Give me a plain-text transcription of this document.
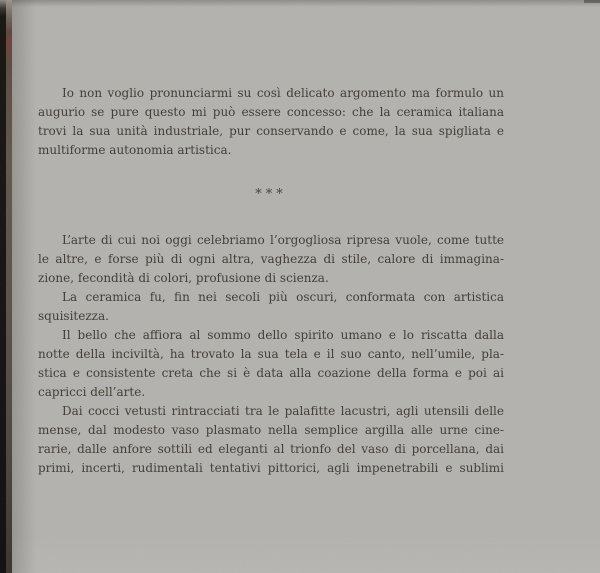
Io non voglio pronunciarmi su così delicato argomento ma formulo un
augurio se pure questo mi può essere concesso: che la ceramica italiana
trovi la sua unità industriale, pur conservando e come, la sua spigliata e
multiforme autonomia artistica.

***

L’arte di cui noi oggi celebriamo l’orgogliosa ripresa vuole, come tutte
le altre, e forse più di ogni altra, vaghezza di stile, calore di immagina-
zione, fecondità di colori, profusione di scienza.

La ceramica fu, fin nei secoli più oscuri, conformata con artistica
squisitezza.

Il bello che affiora al sommo dello spirito umano e lo riscatta dalla
notte della inciviltà, ha trovato la sua tela e il suo canto, nell’umile, pla-
stica e consistente creta che si è data alla coazione della forma e poi ai
capricci dell’arte.

Dai cocci vetusti rintracciati tra le palafitte lacustri, agli utensili delle
mense, dal modesto vaso plasmato nella semplice argilla alle urne cine-
rarie, dalle anfore sottili ed eleganti al trionfo del vaso di porcellana, dai
primi, incerti, rudimentali tentativi pittorici, agli impenetrabili e sublimi
